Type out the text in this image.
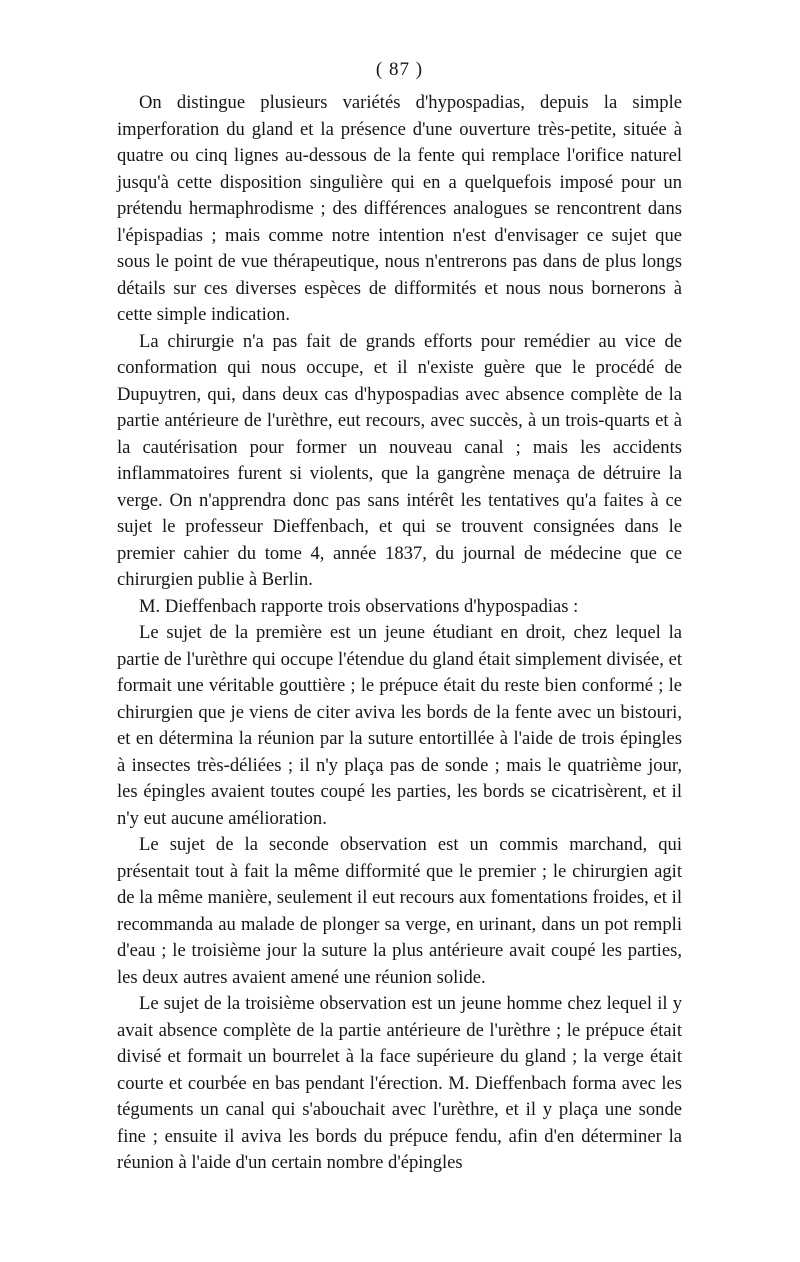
( 87 )

On distingue plusieurs variétés d'hypospadias, depuis la simple imperforation du gland et la présence d'une ouverture très-petite, située à quatre ou cinq lignes au-dessous de la fente qui remplace l'orifice naturel jusqu'à cette disposition singulière qui en a quelquefois imposé pour un prétendu hermaphrodisme ; des différences analogues se rencontrent dans l'épispadias ; mais comme notre intention n'est d'envisager ce sujet que sous le point de vue thérapeutique, nous n'entrerons pas dans de plus longs détails sur ces diverses espèces de difformités et nous nous bornerons à cette simple indication.

La chirurgie n'a pas fait de grands efforts pour remédier au vice de conformation qui nous occupe, et il n'existe guère que le procédé de Dupuytren, qui, dans deux cas d'hypospadias avec absence complète de la partie antérieure de l'urèthre, eut recours, avec succès, à un trois-quarts et à la cautérisation pour former un nouveau canal ; mais les accidents inflammatoires furent si violents, que la gangrène menaça de détruire la verge. On n'apprendra donc pas sans intérêt les tentatives qu'a faites à ce sujet le professeur Dieffenbach, et qui se trouvent consignées dans le premier cahier du tome 4, année 1837, du journal de médecine que ce chirurgien publie à Berlin.

M. Dieffenbach rapporte trois observations d'hypospadias :

Le sujet de la première est un jeune étudiant en droit, chez lequel la partie de l'urèthre qui occupe l'étendue du gland était simplement divisée, et formait une véritable gouttière ; le prépuce était du reste bien conformé ; le chirurgien que je viens de citer aviva les bords de la fente avec un bistouri, et en détermina la réunion par la suture entortillée à l'aide de trois épingles à insectes très-déliées ; il n'y plaça pas de sonde ; mais le quatrième jour, les épingles avaient toutes coupé les parties, les bords se cicatrisèrent, et il n'y eut aucune amélioration.

Le sujet de la seconde observation est un commis marchand, qui présentait tout à fait la même difformité que le premier ; le chirurgien agit de la même manière, seulement il eut recours aux fomentations froides, et il recommanda au malade de plonger sa verge, en urinant, dans un pot rempli d'eau ; le troisième jour la suture la plus antérieure avait coupé les parties, les deux autres avaient amené une réunion solide.

Le sujet de la troisième observation est un jeune homme chez lequel il y avait absence complète de la partie antérieure de l'urèthre ; le prépuce était divisé et formait un bourrelet à la face supérieure du gland ; la verge était courte et courbée en bas pendant l'érection. M. Dieffenbach forma avec les téguments un canal qui s'abouchait avec l'urèthre, et il y plaça une sonde fine ; ensuite il aviva les bords du prépuce fendu, afin d'en déterminer la réunion à l'aide d'un certain nombre d'épingles
